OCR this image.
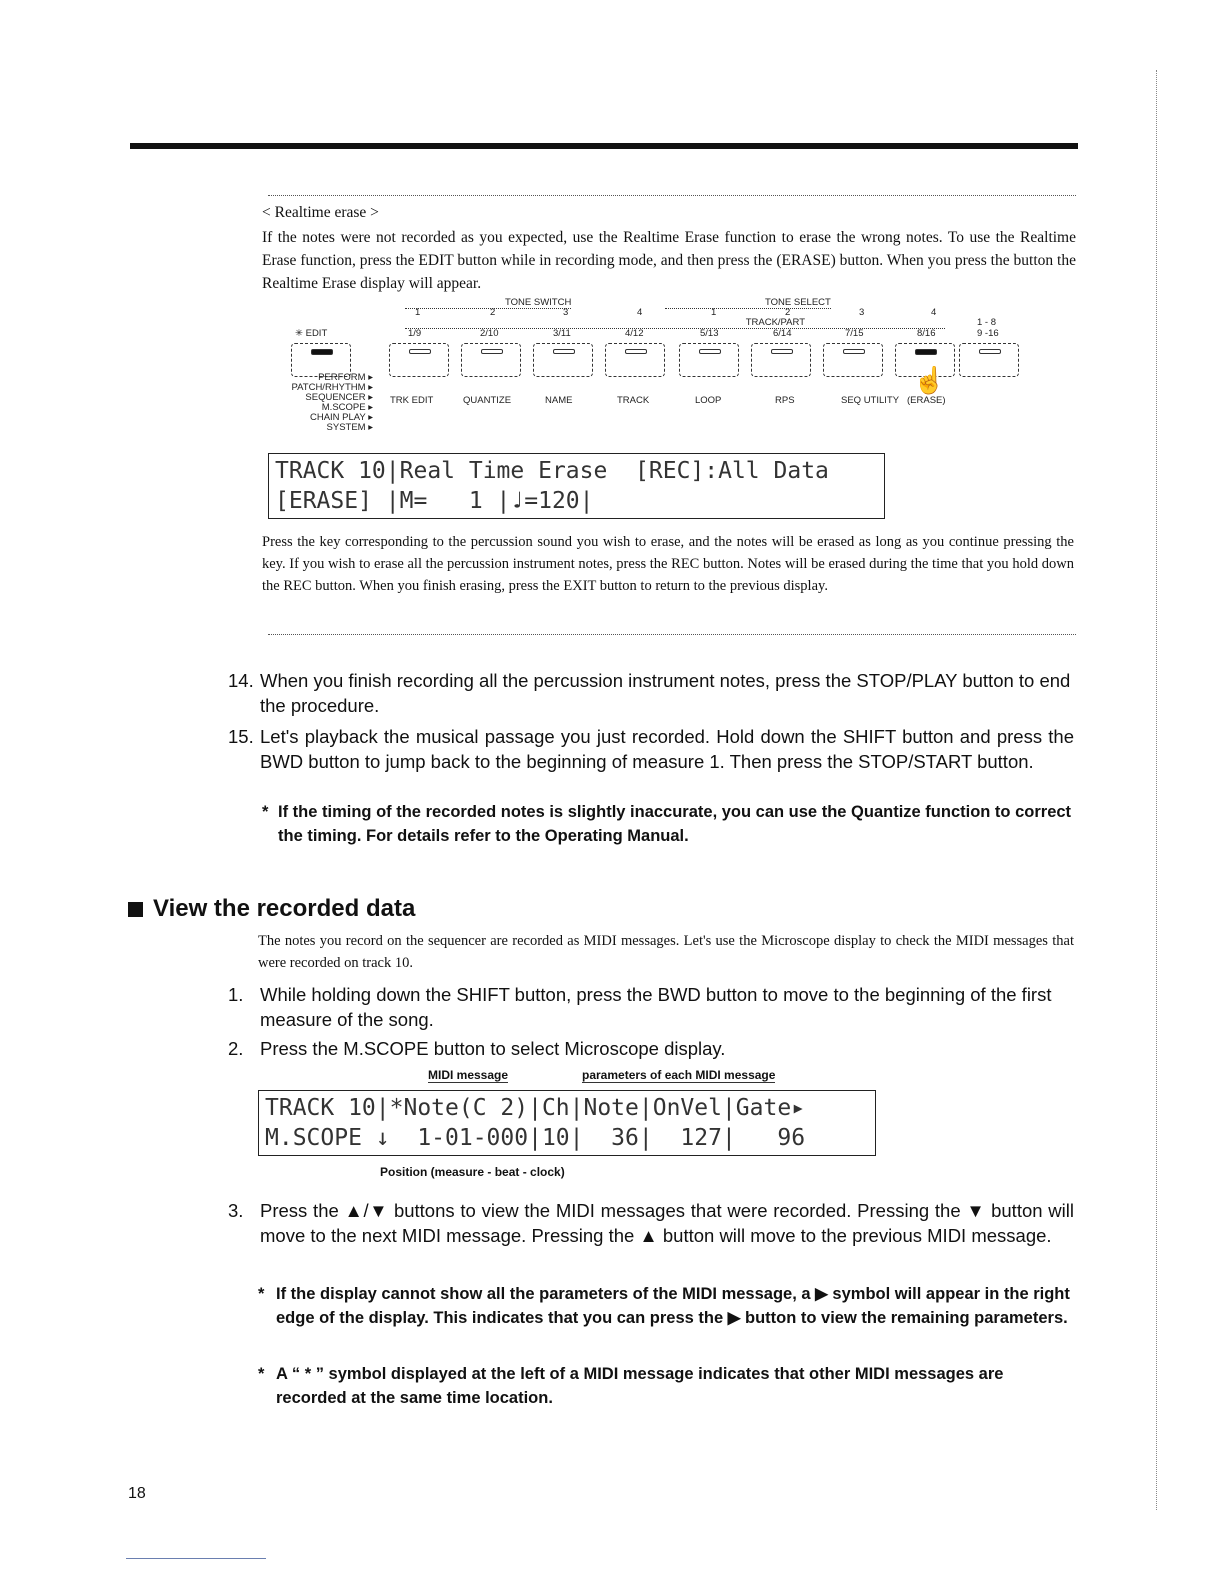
< Realtime erase >
If the notes were not recorded as you expected, use the Realtime Erase function to erase the wrong notes. To use the Realtime Erase function, press the EDIT button while in recording mode, and then press the (ERASE) button. When you press the button the Realtime Erase display will appear.
TONE SWITCH	TONE SELECT
1	2	3	4	1	2	3	4
TRACK/PART
✳ EDIT	1/9	2/10	3/11	4/12	5/13	6/14	7/15	8/16
1 - 8
9 -16
☝
PERFORM ▸
PATCH/RHYTHM ▸
SEQUENCER ▸
M.SCOPE ▸
CHAIN PLAY ▸
SYSTEM ▸
TRK EDIT	QUANTIZE	NAME	TRACK	LOOP	RPS	SEQ UTILITY (ERASE)
TRACK 10|Real Time Erase  [REC]:All Data
[ERASE] |M=   1 |♩=120|
Press the key corresponding to the percussion sound you wish to erase, and the notes will be erased as long as you continue pressing the key. If you wish to erase all the percussion instrument notes, press the REC button. Notes will be erased during the time that you hold down the REC button. When you finish erasing, press the EXIT button to return to the previous display.
14. When you finish recording all the percussion instrument notes, press the STOP/PLAY button to end the procedure.
15. Let's playback the musical passage you just recorded. Hold down the SHIFT button and press the BWD button to jump back to the beginning of measure 1. Then press the STOP/START button.
* If the timing of the recorded notes is slightly inaccurate, you can use the Quantize function to correct the timing. For details refer to the Operating Manual.
View the recorded data
The notes you record on the sequencer are recorded as MIDI messages. Let's use the Microscope display to check the MIDI messages that were recorded on track 10.
1. While holding down the SHIFT button, press the BWD button to move to the beginning of the first measure of the song.
2. Press the M.SCOPE button to select Microscope display.
MIDI message	parameters of each MIDI message
TRACK 10|*Note(C 2)|Ch|Note|OnVel|Gate▸
M.SCOPE ↓  1-01-000|10|  36|  127|   96
Position (measure - beat - clock)
3. Press the ▲/▼ buttons to view the MIDI messages that were recorded. Pressing the ▼ button will move to the next MIDI message. Pressing the ▲ button will move to the previous MIDI message.
* If the display cannot show all the parameters of the MIDI message, a ▶ symbol will appear in the right edge of the display. This indicates that you can press the ▶ button to view the remaining parameters.
* A “ * ” symbol displayed at the left of a MIDI message indicates that other MIDI messages are recorded at the same time location.
18
